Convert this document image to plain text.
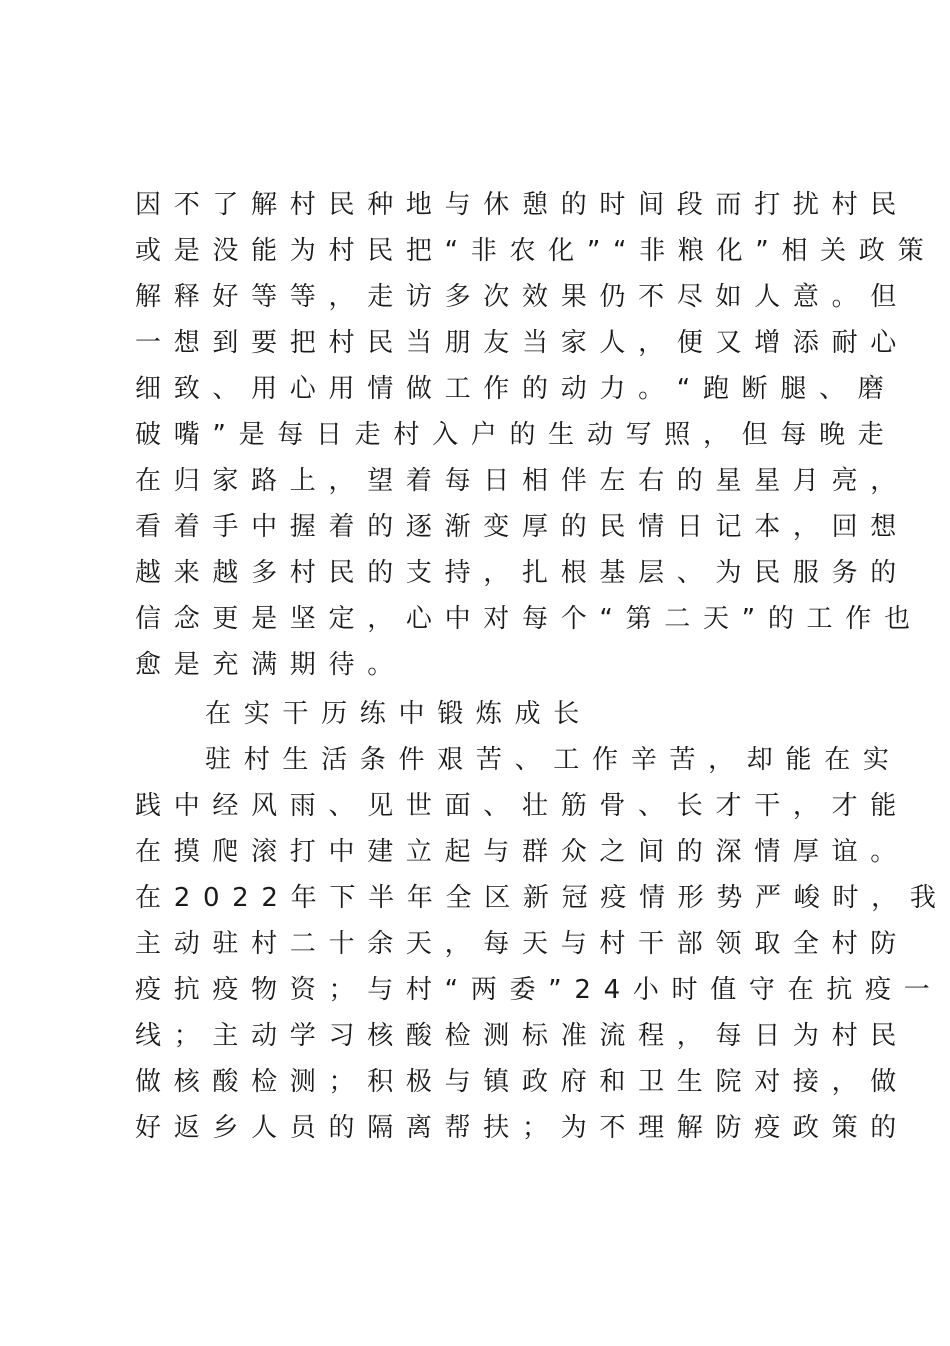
因不了解村民种地与休憩的时间段而打扰村民
或是没能为村民把“非农化”“非粮化”相关政策
解释好等等，走访多次效果仍不尽如人意。但
一想到要把村民当朋友当家人，便又增添耐心
细致、用心用情做工作的动力。“跑断腿、磨
破嘴”是每日走村入户的生动写照，但每晚走
在归家路上，望着每日相伴左右的星星月亮，
看着手中握着的逐渐变厚的民情日记本，回想
越来越多村民的支持，扎根基层、为民服务的
信念更是坚定，心中对每个“第二天”的工作也
愈是充满期待。
在实干历练中锻炼成长
驻村生活条件艰苦、工作辛苦，却能在实
践中经风雨、见世面、壮筋骨、长才干，才能
在摸爬滚打中建立起与群众之间的深情厚谊。
在2022年下半年全区新冠疫情形势严峻时，我
主动驻村二十余天，每天与村干部领取全村防
疫抗疫物资；与村“两委”24小时值守在抗疫一
线；主动学习核酸检测标准流程，每日为村民
做核酸检测；积极与镇政府和卫生院对接，做
好返乡人员的隔离帮扶；为不理解防疫政策的
